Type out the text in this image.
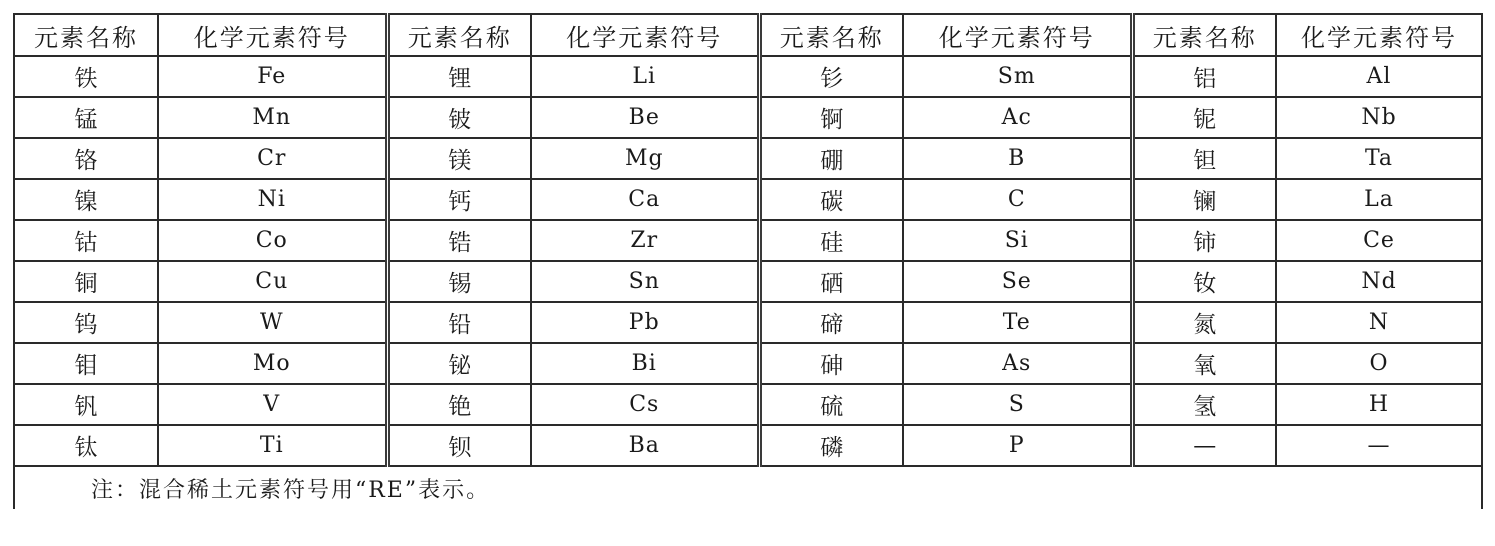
元素名称	化学元素符号	元素名称	化学元素符号	元素名称	化学元素符号	元素名称	化学元素符号
铁	Fe	锂	Li	钐	Sm	铝	Al
锰	Mn	铍	Be	锕	Ac	铌	Nb
铬	Cr	镁	Mg	硼	B	钽	Ta
镍	Ni	钙	Ca	碳	C	镧	La
钴	Co	锆	Zr	硅	Si	铈	Ce
铜	Cu	锡	Sn	硒	Se	钕	Nd
钨	W	铅	Pb	碲	Te	氮	N
钼	Mo	铋	Bi	砷	As	氧	O
钒	V	铯	Cs	硫	S	氢	H
钛	Ti	钡	Ba	磷	P	—	—
注：混合稀土元素符号用“RE”表示。							
